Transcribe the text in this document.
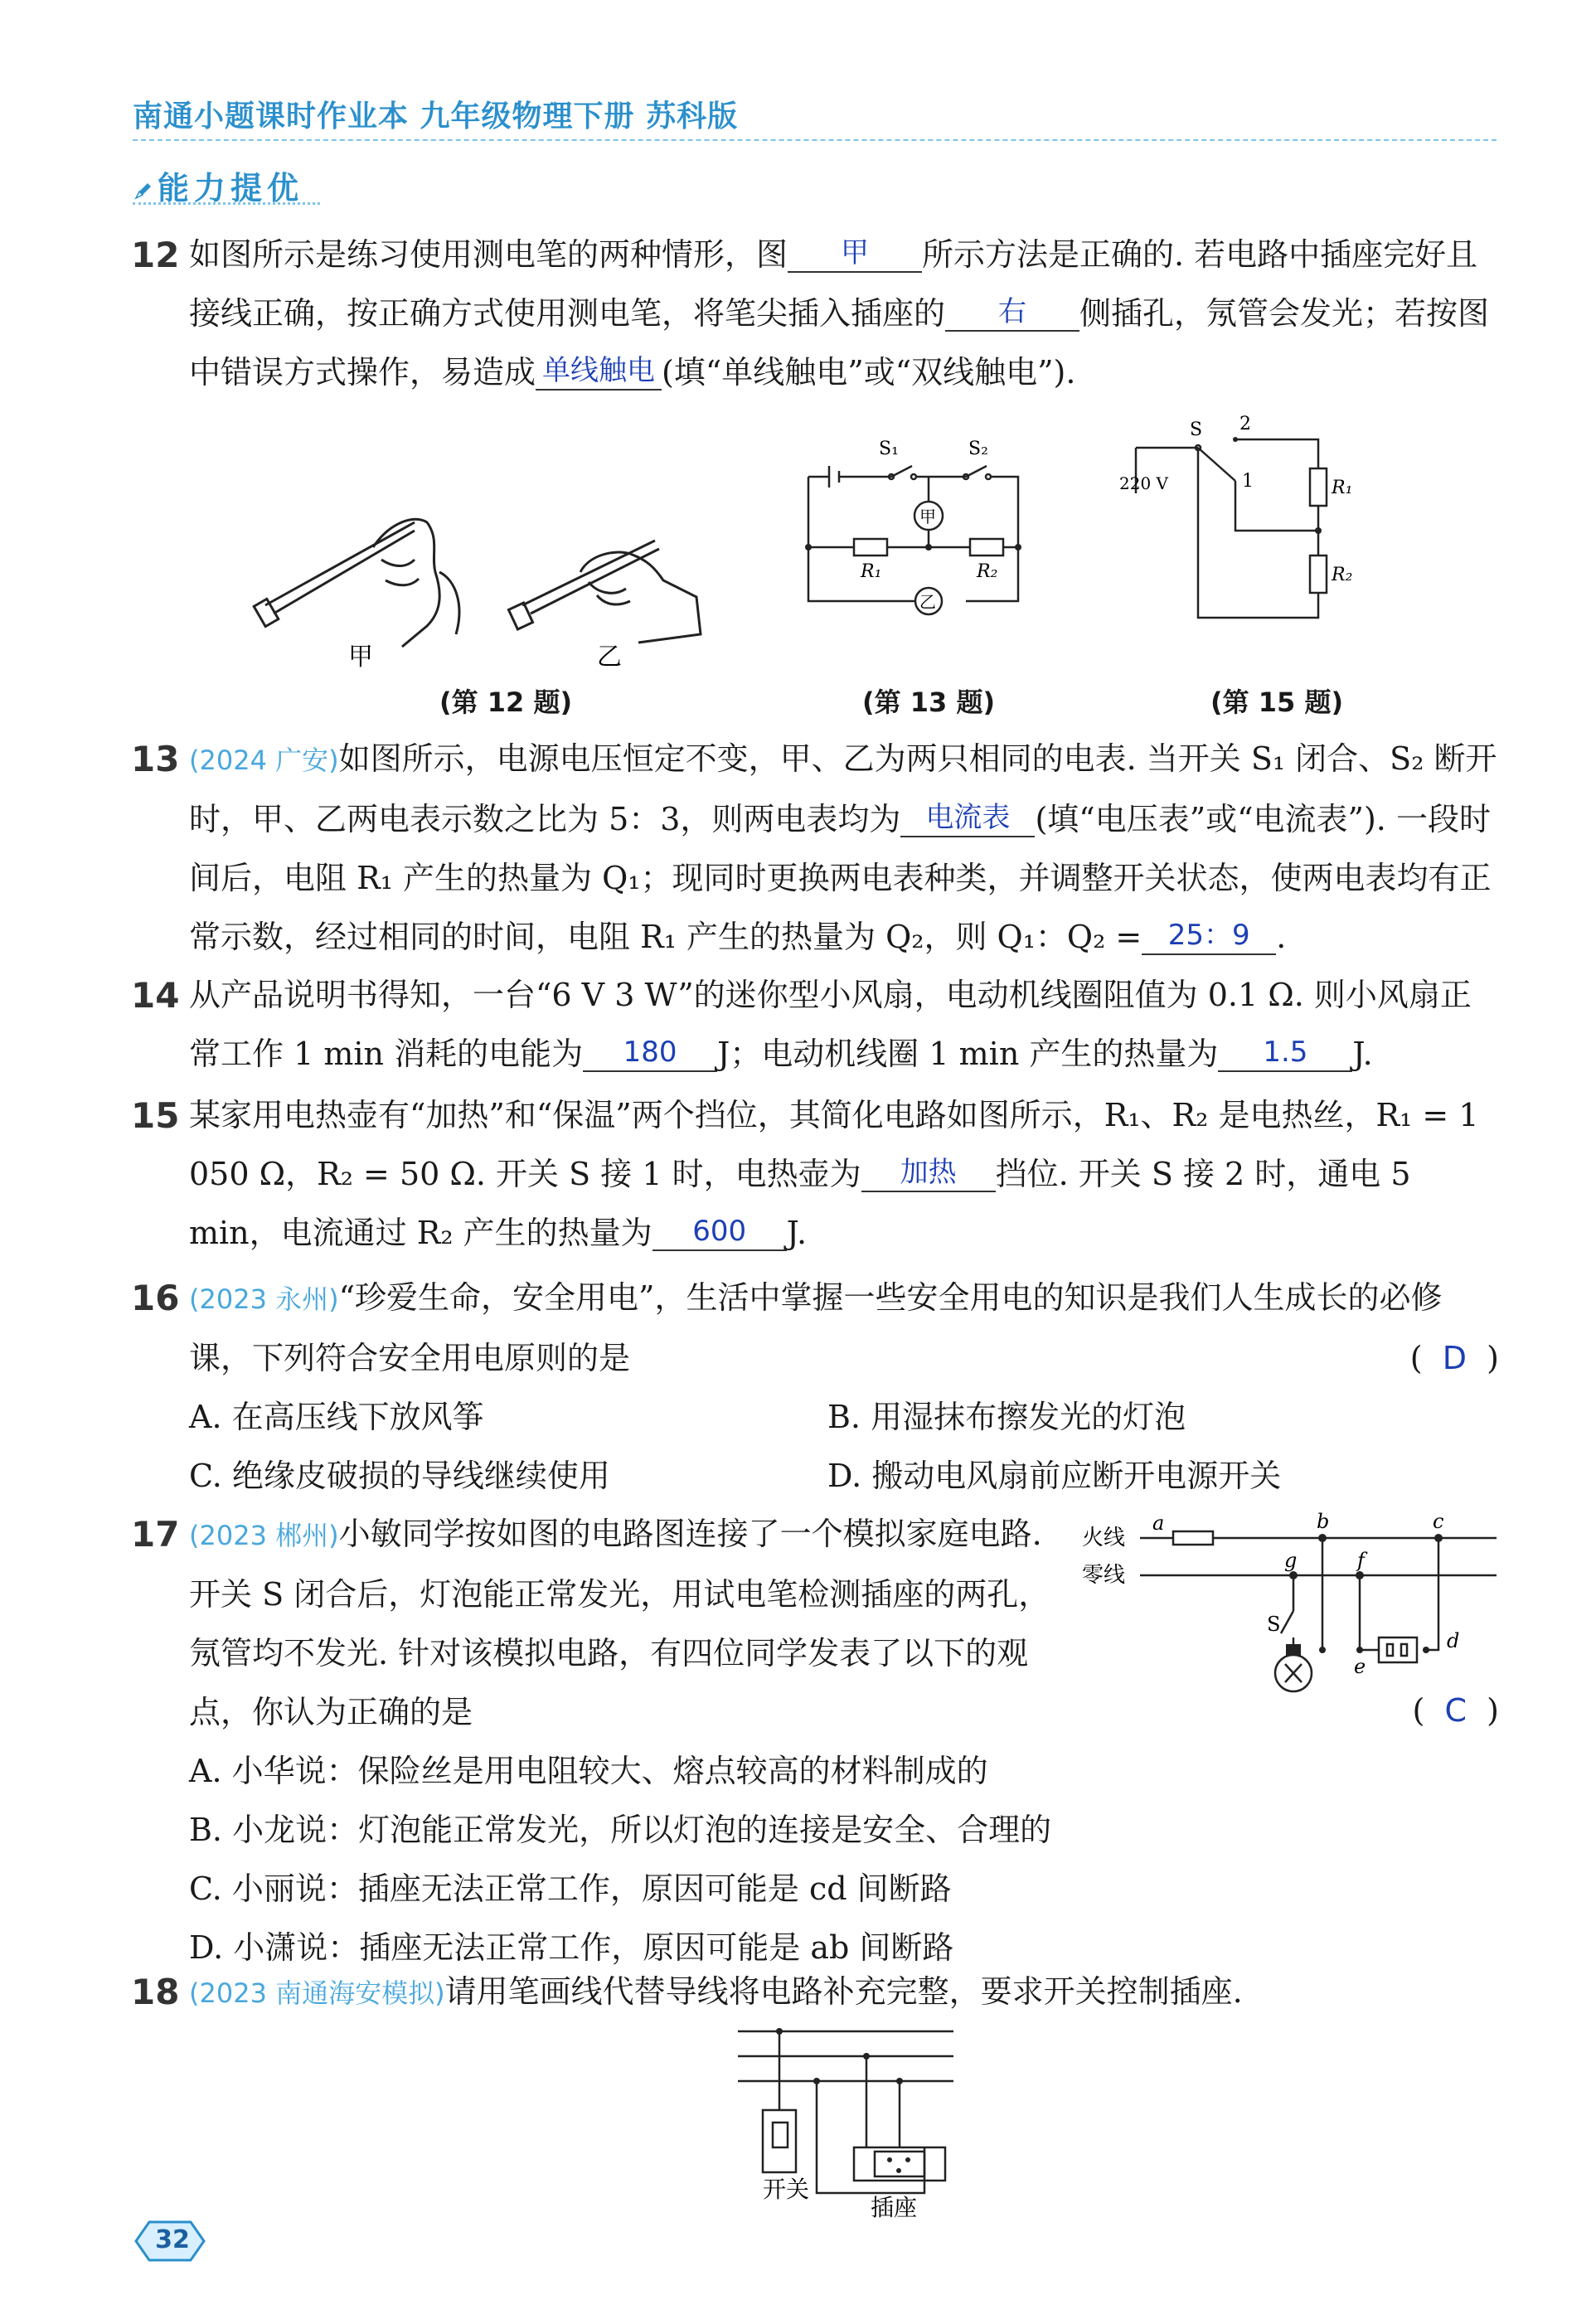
南通小题课时作业本 九年级物理下册 苏科版
能力提优
12 如图所示是练习使用测电笔的两种情形，图 甲 所示方法是正确的. 若电路中插座完好且接线正确，按正确方式使用测电笔，将笔尖插入插座的 右 侧插孔，氖管会发光；若按图中错误方式操作，易造成 单线触电 (填“单线触电”或“双线触电”).
甲	乙
(第 12 题)
S₁	S₂
甲
乙
R₁	R₂
(第 13 题)
S
1
2
220 V	R₁
R₂
(第 15 题)
13 (2024 广安)如图所示，电源电压恒定不变，甲、乙为两只相同的电表. 当开关 S₁ 闭合、S₂ 断开时，甲、乙两电表示数之比为 5：3，则两电表均为 电流表 (填“电压表”或“电流表”). 一段时间后，电阻 R₁ 产生的热量为 Q₁；现同时更换两电表种类，并调整开关状态，使两电表均有正常示数，经过相同的时间，电阻 R₁ 产生的热量为 Q₂，则 Q₁：Q₂ = 25：9 .
14 从产品说明书得知，一台“6 V 3 W”的迷你型小风扇，电动机线圈阻值为 0.1 Ω. 则小风扇正常工作 1 min 消耗的电能为 180 J；电动机线圈 1 min 产生的热量为 1.5 J.
15 某家用电热壶有“加热”和“保温”两个挡位，其简化电路如图所示，R₁、R₂ 是电热丝，R₁ = 1 050 Ω，R₂ = 50 Ω. 开关 S 接 1 时，电热壶为 加热 挡位. 开关 S 接 2 时，通电 5 min，电流通过 R₂ 产生的热量为 600 J.
16 (2023 永州)“珍爱生命，安全用电”，生活中掌握一些安全用电的知识是我们人生成长的必修课，下列符合安全用电原则的是	(  D  )
A. 在高压线下放风筝	B. 用湿抹布擦发光的灯泡
C. 绝缘皮破损的导线继续使用	D. 搬动电风扇前应断开电源开关
17 (2023 郴州)小敏同学按如图的电路图连接了一个模拟家庭电路. 开关 S 闭合后，灯泡能正常发光，用试电笔检测插座的两孔，氖管均不发光. 针对该模拟电路，有四位同学发表了以下的观点，你认为正确的是	(  C  )
A. 小华说：保险丝是用电阻较大、熔点较高的材料制成的
B. 小龙说：灯泡能正常发光，所以灯泡的连接是安全、合理的
C. 小丽说：插座无法正常工作，原因可能是 cd 间断路
D. 小潇说：插座无法正常工作，原因可能是 ab 间断路
火线
零线
a	b	c
d
e
f
g
S
18 (2023 南通海安模拟)请用笔画线代替导线将电路补充完整，要求开关控制插座.
开关
插座
32
